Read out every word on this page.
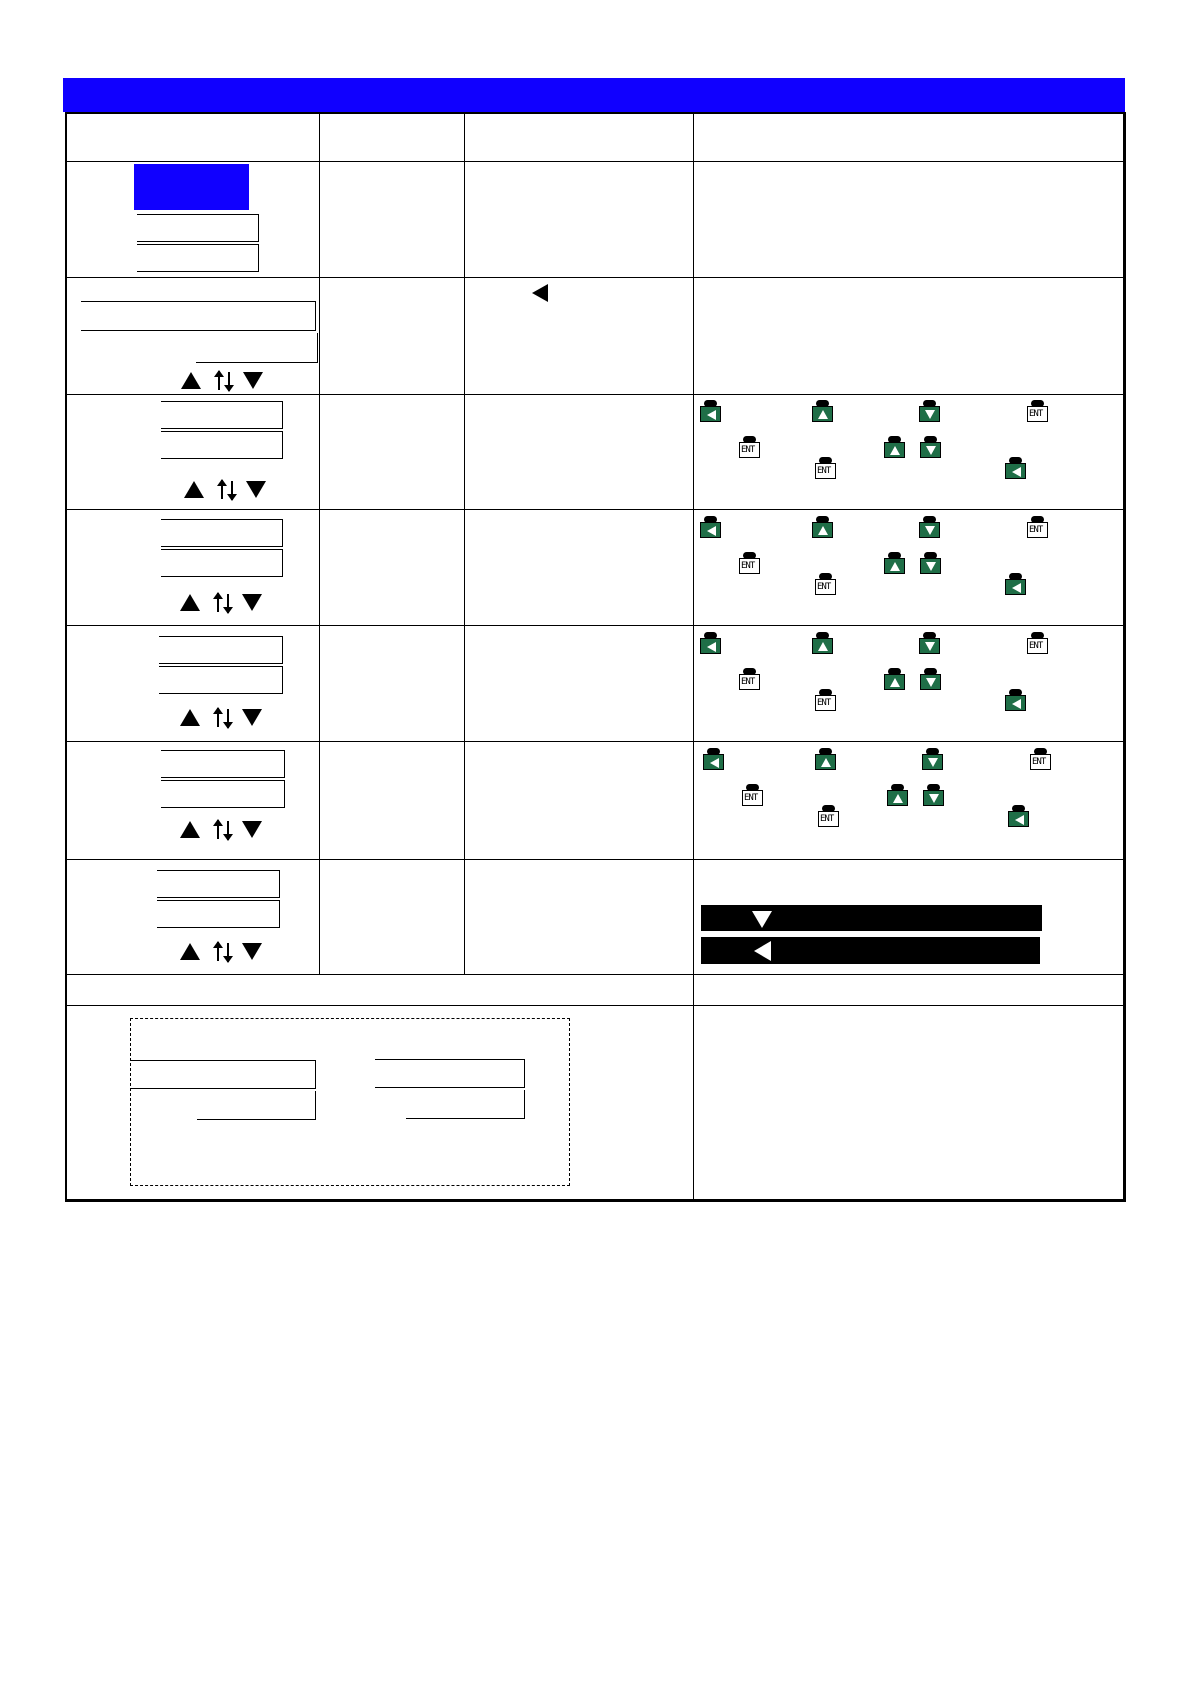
ENT
ENT
ENT
ENT
ENT
ENT
ENT
ENT
ENT
ENT
ENT
ENT
